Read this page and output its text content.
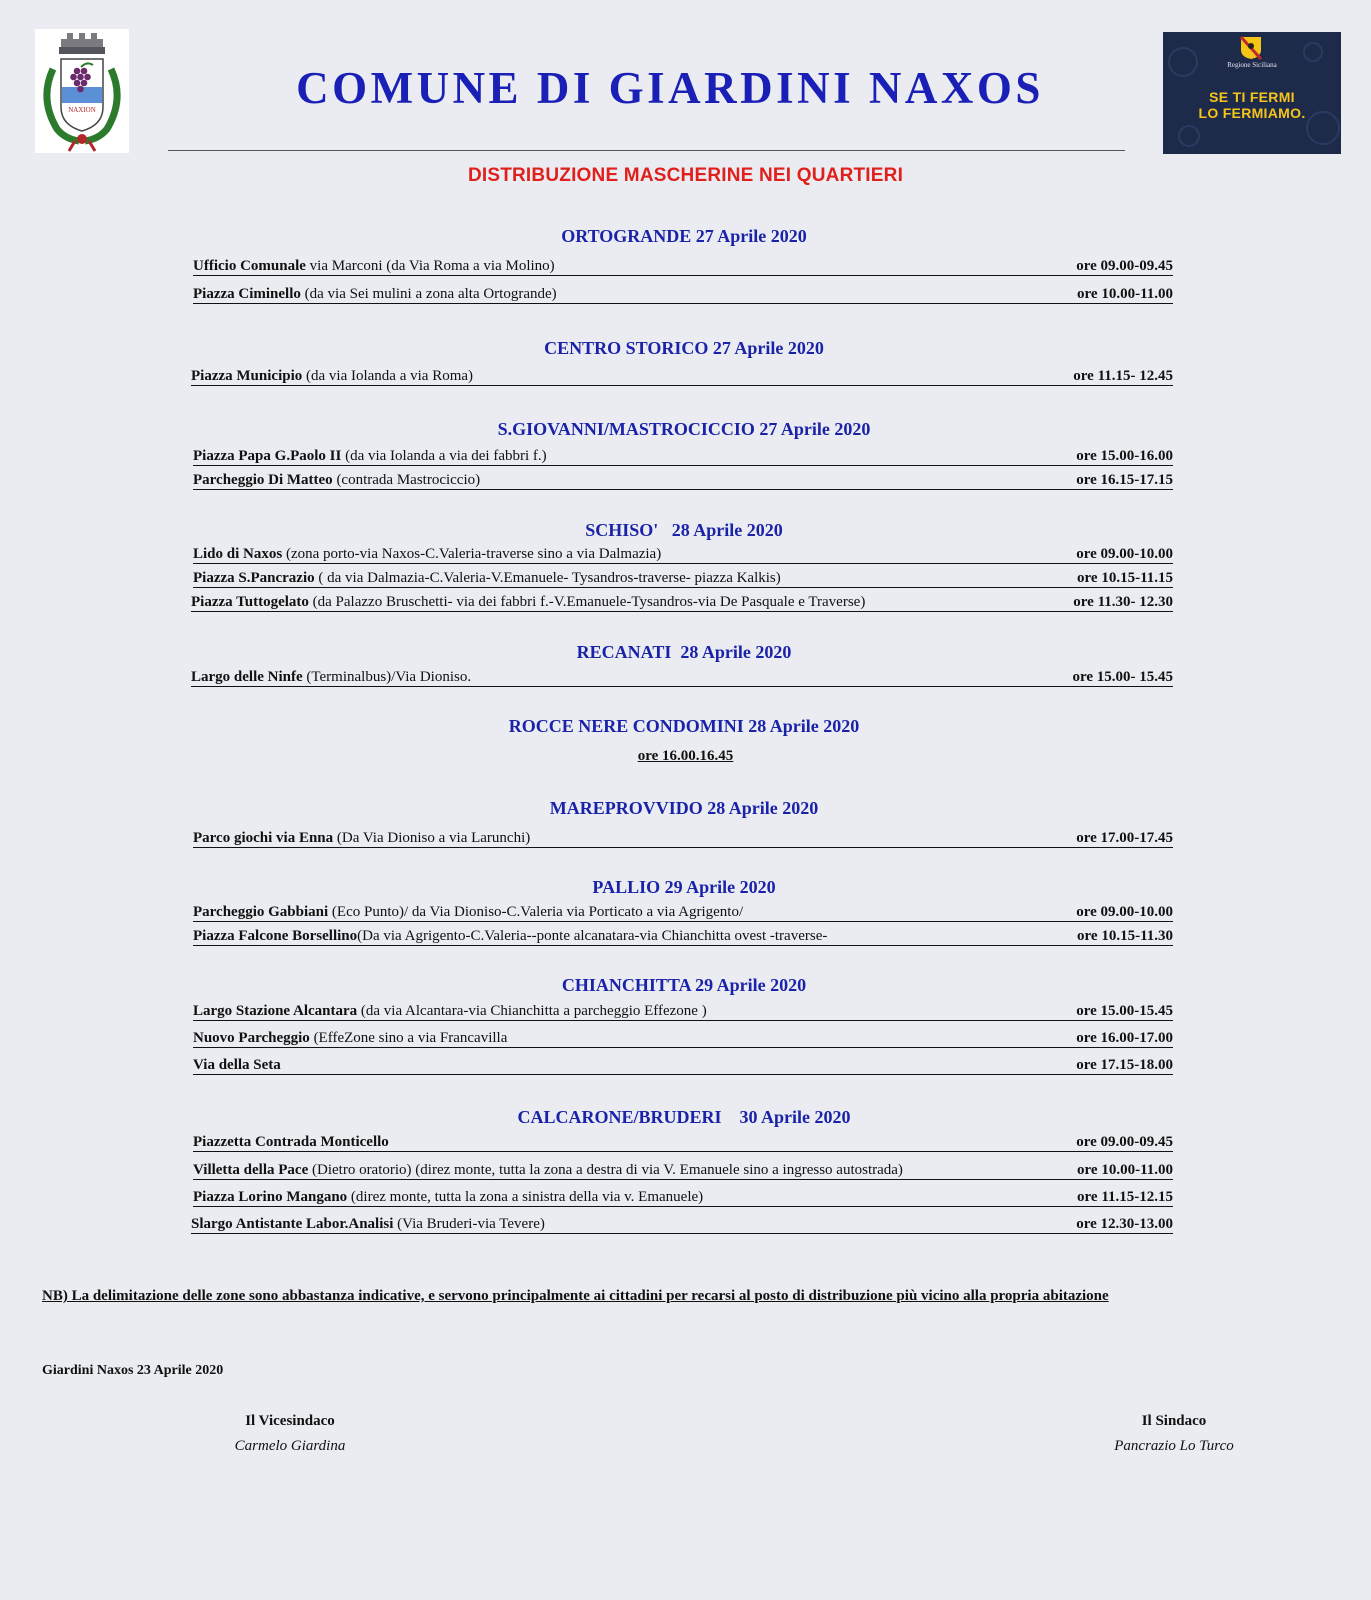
NAXION
Regione Siciliana
SE TI FERMI
LO FERMIAMO.
COMUNE DI GIARDINI NAXOS
DISTRIBUZIONE MASCHERINE NEI QUARTIERI
ORTOGRANDE 27 Aprile 2020
Ufficio Comunale via Marconi (da Via Roma a via Molino)	ore 09.00-09.45
Piazza Ciminello (da via Sei mulini a zona alta Ortogrande)	ore 10.00-11.00
CENTRO STORICO 27 Aprile 2020
Piazza Municipio (da via Iolanda a via Roma)	ore 11.15- 12.45
S.GIOVANNI/MASTROCICCIO 27 Aprile 2020
Piazza Papa G.Paolo II (da via Iolanda a via dei fabbri f.)	ore 15.00-16.00
Parcheggio Di Matteo (contrada Mastrociccio)	ore 16.15-17.15
SCHISO'   28 Aprile 2020
Lido di Naxos (zona porto-via Naxos-C.Valeria-traverse sino a via Dalmazia)	ore 09.00-10.00
Piazza S.Pancrazio ( da via Dalmazia-C.Valeria-V.Emanuele- Tysandros-traverse- piazza Kalkis)	ore 10.15-11.15
Piazza Tuttogelato (da Palazzo Bruschetti- via dei fabbri f.-V.Emanuele-Tysandros-via De Pasquale e Traverse)	ore 11.30- 12.30
RECANATI  28 Aprile 2020
Largo delle Ninfe (Terminalbus)/Via Dioniso.	ore 15.00- 15.45
ROCCE NERE CONDOMINI 28 Aprile 2020
ore 16.00.16.45
MAREPROVVIDO 28 Aprile 2020
Parco giochi via Enna (Da Via Dioniso a via Larunchi)	ore 17.00-17.45
PALLIO 29 Aprile 2020
Parcheggio Gabbiani (Eco Punto)/ da Via Dioniso-C.Valeria via Porticato a via Agrigento/	ore 09.00-10.00
Piazza Falcone Borsellino(Da via Agrigento-C.Valeria--ponte alcanatara-via Chianchitta ovest -traverse-	ore 10.15-11.30
CHIANCHITTA 29 Aprile 2020
Largo Stazione Alcantara (da via Alcantara-via Chianchitta a parcheggio Effezone )	ore 15.00-15.45
Nuovo Parcheggio (EffeZone sino a via Francavilla	ore 16.00-17.00
Via della Seta	ore 17.15-18.00
CALCARONE/BRUDERI    30 Aprile 2020
Piazzetta Contrada Monticello	ore 09.00-09.45
Villetta della Pace (Dietro oratorio) (direz monte, tutta la zona a destra di via V. Emanuele sino a ingresso autostrada)	ore 10.00-11.00
Piazza Lorino Mangano (direz monte, tutta la zona a sinistra della via v. Emanuele)	ore 11.15-12.15
Slargo Antistante Labor.Analisi (Via Bruderi-via Tevere)	ore 12.30-13.00
NB) La delimitazione delle zone sono abbastanza indicative, e servono principalmente ai cittadini per recarsi al posto di distribuzione più vicino alla propria abitazione
Giardini Naxos 23 Aprile 2020
Il Vicesindaco
Carmelo Giardina
Il Sindaco
Pancrazio Lo Turco
